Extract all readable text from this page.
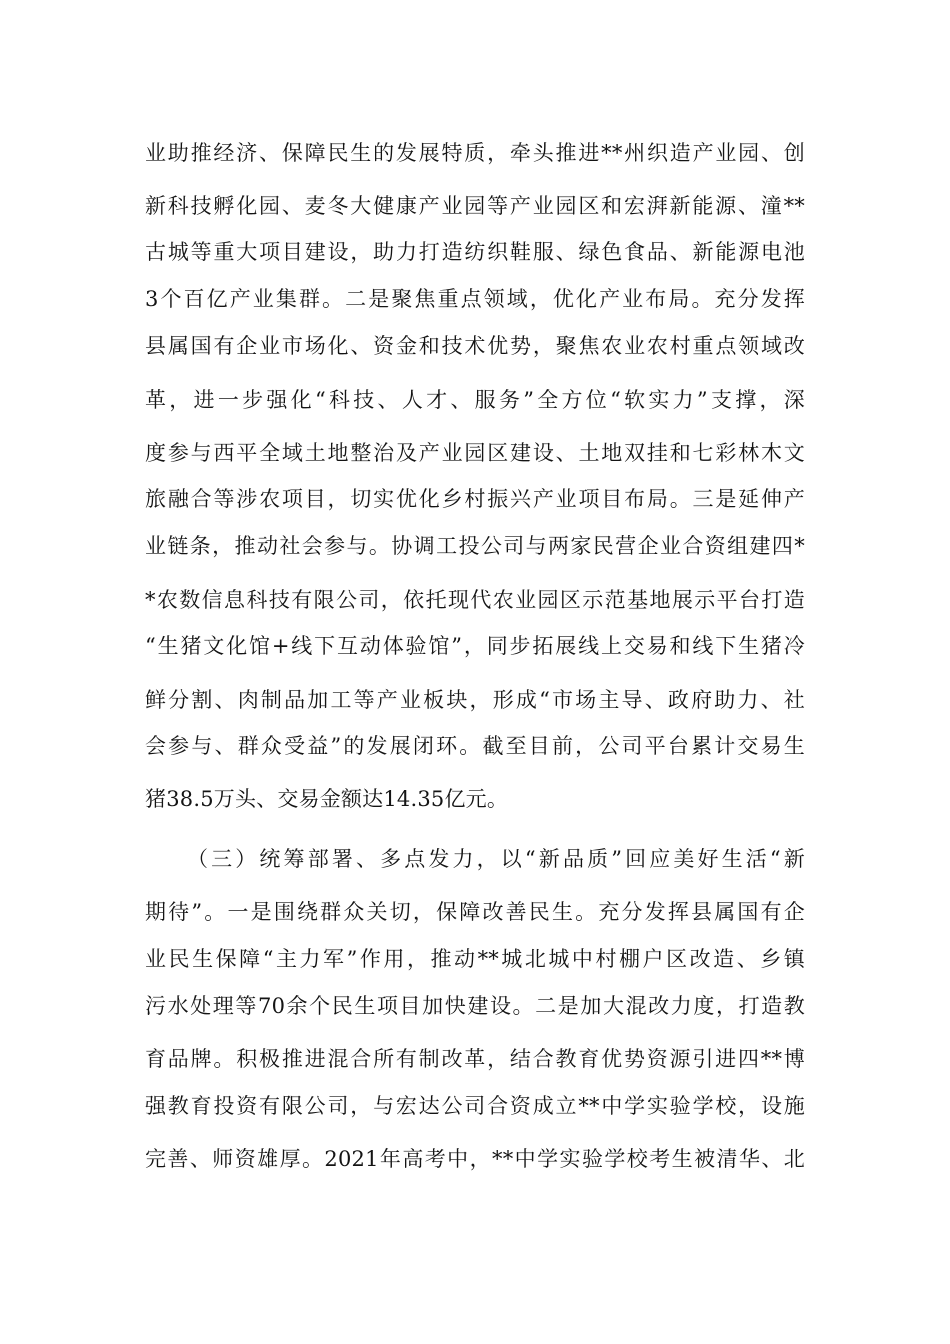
业助推经济、保障民生的发展特质，牵头推进**州织造产业园、创
新科技孵化园、麦冬大健康产业园等产业园区和宏湃新能源、潼**
古城等重大项目建设，助力打造纺织鞋服、绿色食品、新能源电池
3个百亿产业集群。二是聚焦重点领域，优化产业布局。充分发挥
县属国有企业市场化、资金和技术优势，聚焦农业农村重点领域改
革，进一步强化“科技、人才、服务”全方位“软实力”支撑，深
度参与西平全域土地整治及产业园区建设、土地双挂和七彩林木文
旅融合等涉农项目，切实优化乡村振兴产业项目布局。三是延伸产
业链条，推动社会参与。协调工投公司与两家民营企业合资组建四*
*农数信息科技有限公司，依托现代农业园区示范基地展示平台打造
“生猪文化馆+线下互动体验馆”，同步拓展线上交易和线下生猪冷
鲜分割、肉制品加工等产业板块，形成“市场主导、政府助力、社
会参与、群众受益”的发展闭环。截至目前，公司平台累计交易生
猪38.5万头、交易金额达14.35亿元。
（三）统筹部署、多点发力，以“新品质”回应美好生活“新
期待”。一是围绕群众关切，保障改善民生。充分发挥县属国有企
业民生保障“主力军”作用，推动**城北城中村棚户区改造、乡镇
污水处理等70余个民生项目加快建设。二是加大混改力度，打造教
育品牌。积极推进混合所有制改革，结合教育优势资源引进四**博
强教育投资有限公司，与宏达公司合资成立**中学实验学校，设施
完善、师资雄厚。2021年高考中，**中学实验学校考生被清华、北
